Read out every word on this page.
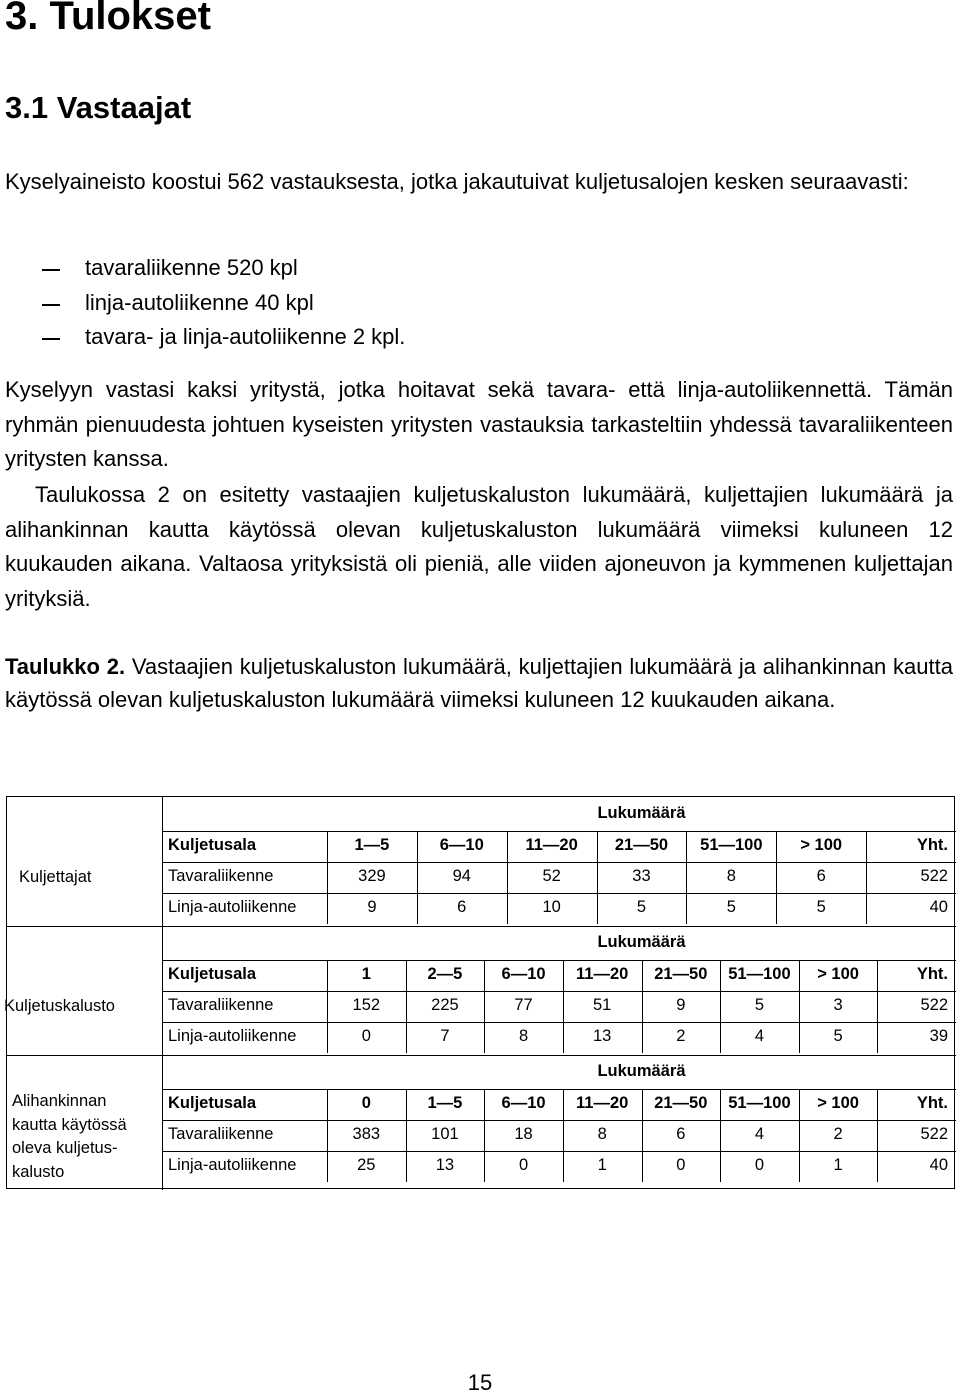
3. Tulokset
3.1 Vastaajat

Kyselyaineisto koostui 562 vastauksesta, jotka jakautuivat kuljetusalojen kesken seuraavasti:

tavaraliikenne 520 kpl
linja-autoliikenne 40 kpl
tavara- ja linja-autoliikenne 2 kpl.

Kyselyyn vastasi kaksi yritystä, jotka hoitavat sekä tavara- että linja-autoliikennettä. Tämän ryhmän pienuudesta johtuen kyseisten yritysten vastauksia tarkasteltiin yhdessä tavaraliikenteen yritysten kanssa.

Taulukossa 2 on esitetty vastaajien kuljetuskaluston lukumäärä, kuljettajien lukumäärä ja alihankinnan kautta käytössä olevan kuljetuskaluston lukumäärä viimeksi kuluneen 12 kuukauden aikana. Valtaosa yrityksistä oli pieniä, alle viiden ajoneuvon ja kymmenen kuljettajan yrityksiä.

Taulukko 2. Vastaajien kuljetuskaluston lukumäärä, kuljettajien lukumäärä ja alihankinnan kautta käytössä olevan kuljetuskaluston lukumäärä viimeksi kuluneen 12 kuukauden aikana.

Kuljettajat
Lukumäärä
Kuljetusala	1—5	6—10	11—20	21—50	51—100	> 100	Yht.
Tavaraliikenne	329	94	52	33	8	6	522
Linja-autoliikenne	9	6	10	5	5	5	40
Kuljetuskalusto
Lukumäärä
Kuljetusala	1	2—5	6—10	11—20	21—50	51—100	> 100	Yht.
Tavaraliikenne	152	225	77	51	9	5	3	522
Linja-autoliikenne	0	7	8	13	2	4	5	39
Alihankinnan
kautta käytössä
oleva kuljetus-
kalusto
Lukumäärä
Kuljetusala	0	1—5	6—10	11—20	21—50	51—100	> 100	Yht.
Tavaraliikenne	383	101	18	8	6	4	2	522
Linja-autoliikenne	25	13	0	1	0	0	1	40
15
